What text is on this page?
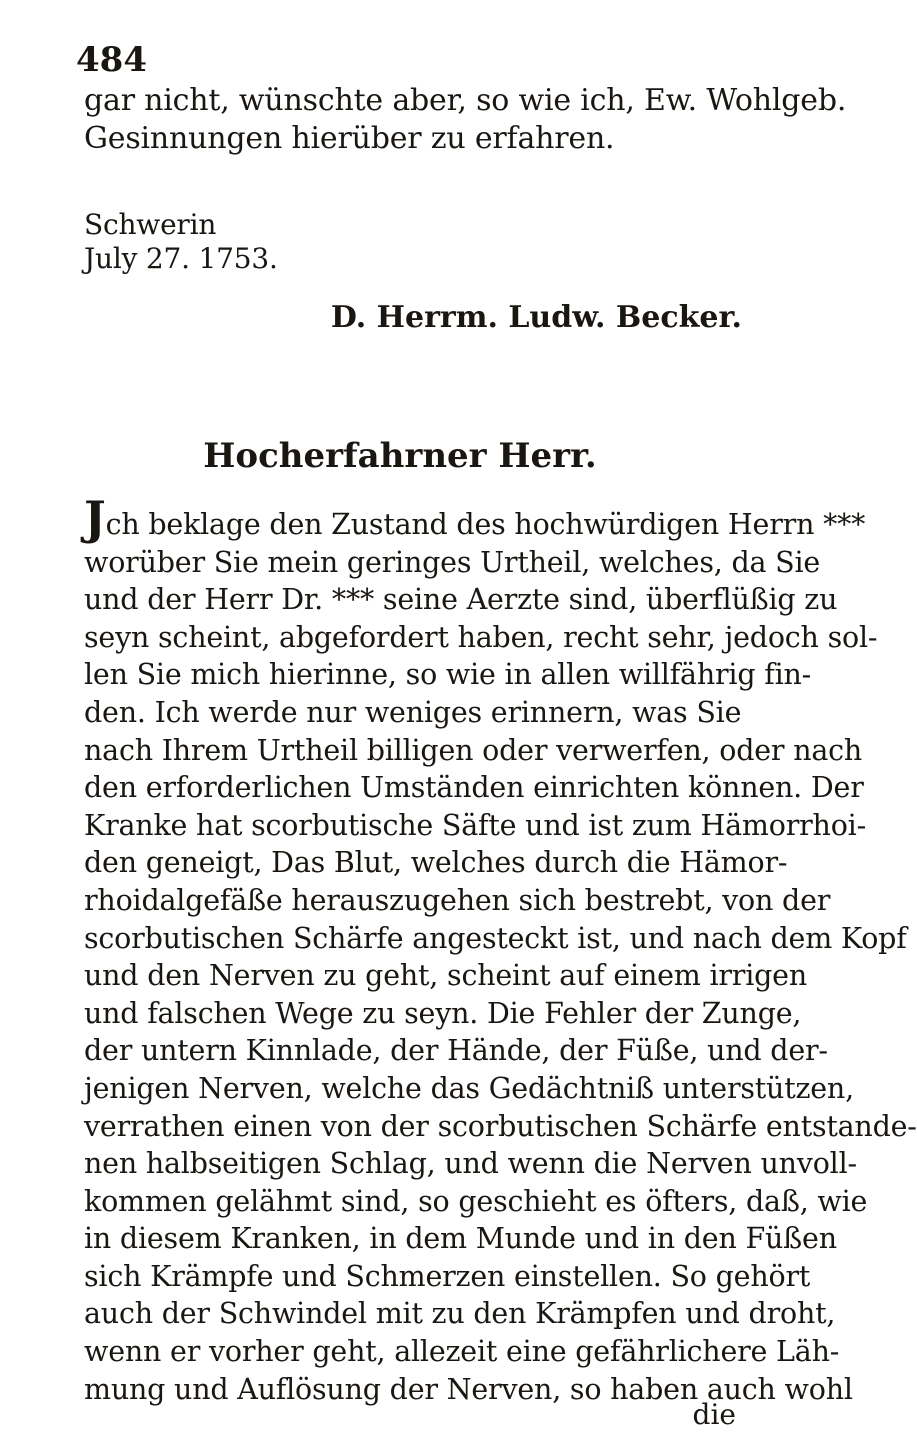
484
gar nicht, wünschte aber, so wie ich, Ew. Wohlgeb.
Gesinnungen hierüber zu erfahren.
Schwerin
July 27. 1753.
D. Herrm. Ludw. Becker.
Hocherfahrner Herr.
Jch beklage den Zustand des hochwürdigen Herrn ***
worüber Sie mein geringes Urtheil, welches, da Sie
und der Herr Dr. *** seine Aerzte sind, überflüßig zu
seyn scheint, abgefordert haben, recht sehr, jedoch sol-
len Sie mich hierinne, so wie in allen willfährig fin-
den. Ich werde nur weniges erinnern, was Sie
nach Ihrem Urtheil billigen oder verwerfen, oder nach
den erforderlichen Umständen einrichten können. Der
Kranke hat scorbutische Säfte und ist zum Hämorrhoi-
den geneigt, Das Blut, welches durch die Hämor-
rhoidalgefäße herauszugehen sich bestrebt, von der
scorbutischen Schärfe angesteckt ist, und nach dem Kopf
und den Nerven zu geht, scheint auf einem irrigen
und falschen Wege zu seyn. Die Fehler der Zunge,
der untern Kinnlade, der Hände, der Füße, und der-
jenigen Nerven, welche das Gedächtniß unterstützen,
verrathen einen von der scorbutischen Schärfe entstande-
nen halbseitigen Schlag, und wenn die Nerven unvoll-
kommen gelähmt sind, so geschieht es öfters, daß, wie
in diesem Kranken, in dem Munde und in den Füßen
sich Krämpfe und Schmerzen einstellen. So gehört
auch der Schwindel mit zu den Krämpfen und droht,
wenn er vorher geht, allezeit eine gefährlichere Läh-
mung und Auflösung der Nerven, so haben auch wohl
die
